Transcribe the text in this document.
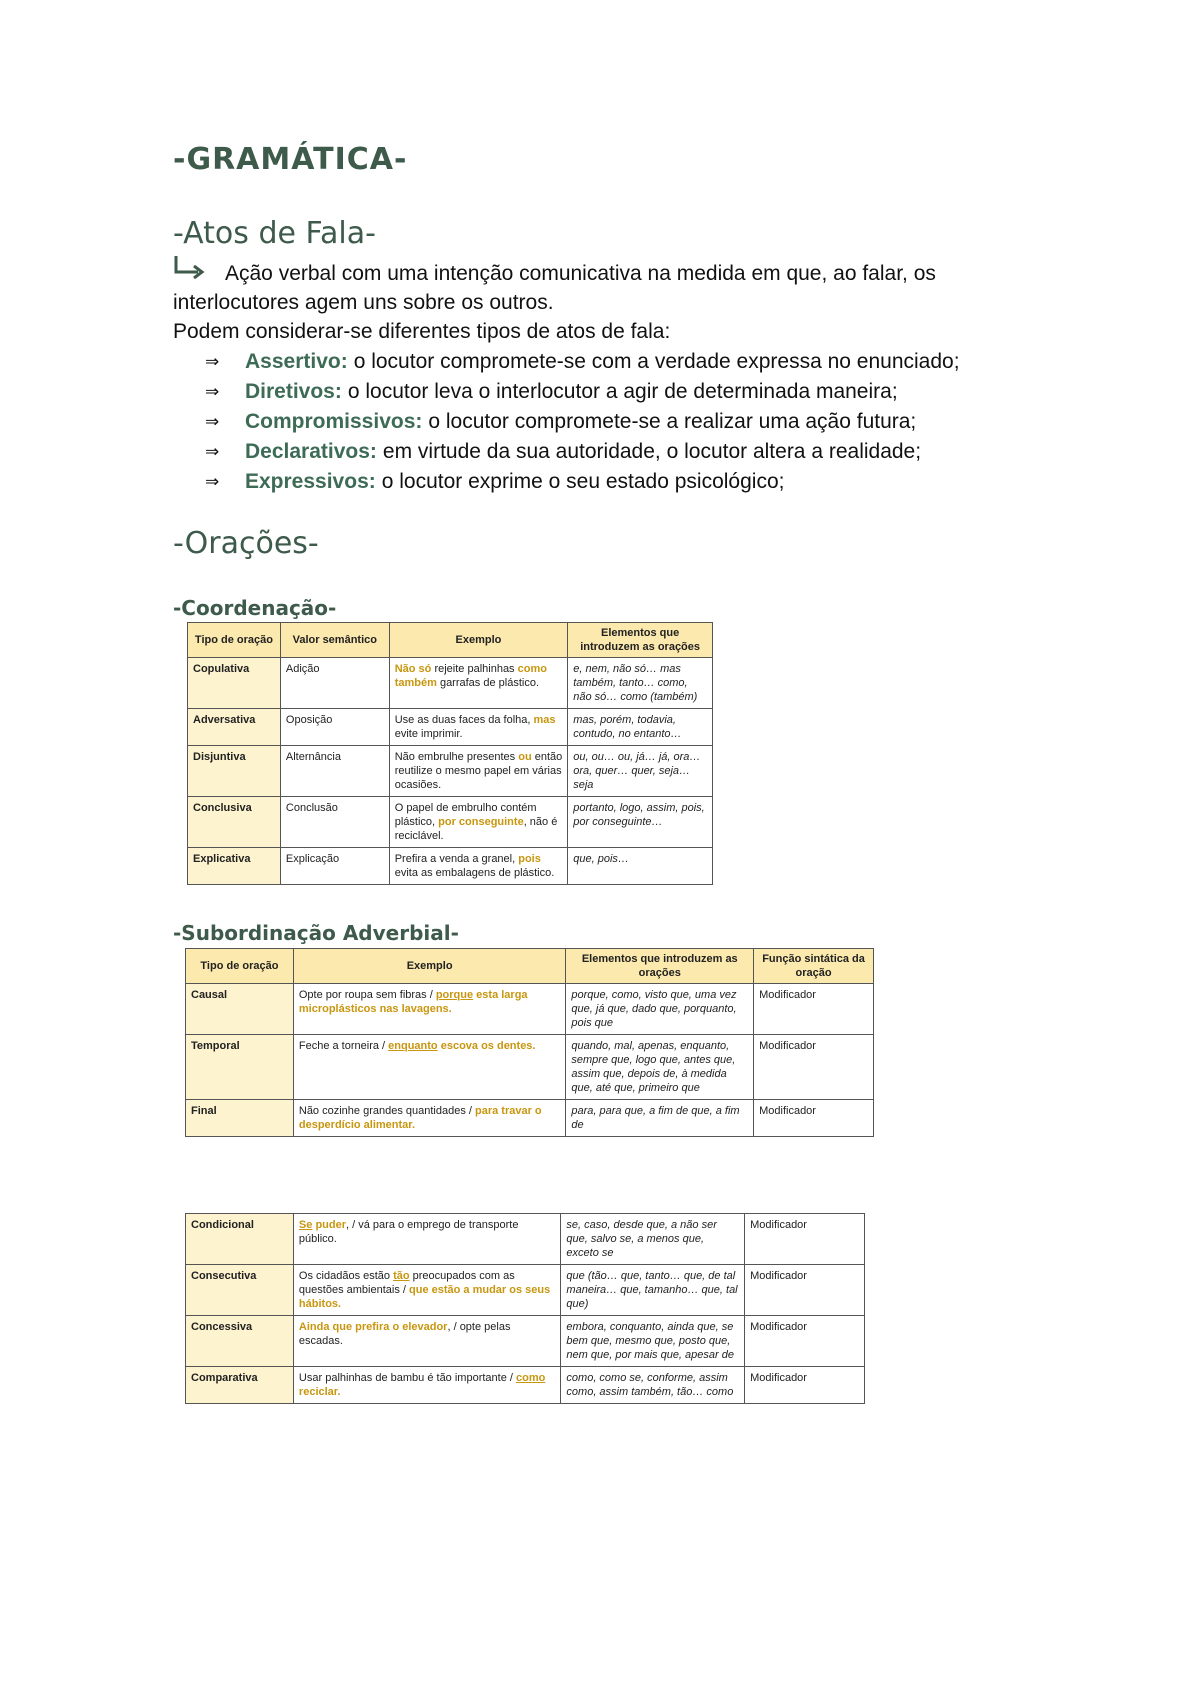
-GRAMÁTICA-
-Atos de Fala-
Ação verbal com uma intenção comunicativa na medida em que, ao falar, os
interlocutores agem uns sobre os outros.
Podem considerar-se diferentes tipos de atos de fala:
⇒	Assertivo: o locutor compromete-se com a verdade expressa no enunciado;
⇒	Diretivos: o locutor leva o interlocutor a agir de determinada maneira;
⇒	Compromissivos: o locutor compromete-se a realizar uma ação futura;
⇒	Declarativos: em virtude da sua autoridade, o locutor altera a realidade;
⇒	Expressivos: o locutor exprime o seu estado psicológico;
-Orações-
-Coordenação-
Tipo de oração	Valor semântico	Exemplo	Elementos que introduzem as orações
Copulativa	Adição	Não só rejeite palhinhas como também garrafas de plástico.	e, nem, não só… mas também, tanto… como, não só… como (também)
Adversativa	Oposição	Use as duas faces da folha, mas evite imprimir.	mas, porém, todavia, contudo, no entanto…
Disjuntiva	Alternância	Não embrulhe presentes ou então reutilize o mesmo papel em várias ocasiões.	ou, ou… ou, já… já, ora… ora, quer… quer, seja… seja
Conclusiva	Conclusão	O papel de embrulho contém plástico, por conseguinte, não é reciclável.	portanto, logo, assim, pois, por conseguinte…
Explicativa	Explicação	Prefira a venda a granel, pois evita as embalagens de plástico.	que, pois…
-Subordinação Adverbial-
Tipo de oração	Exemplo	Elementos que introduzem as orações	Função sintática da oração
Causal	Opte por roupa sem fibras / porque esta larga microplásticos nas lavagens.	porque, como, visto que, uma vez que, já que, dado que, porquanto, pois que	Modificador
Temporal	Feche a torneira / enquanto escova os dentes.	quando, mal, apenas, enquanto, sempre que, logo que, antes que, assim que, depois de, à medida que, até que, primeiro que	Modificador
Final	Não cozinhe grandes quantidades / para travar o desperdício alimentar.	para, para que, a fim de que, a fim de	Modificador
Condicional	Se puder, / vá para o emprego de transporte público.	se, caso, desde que, a não ser que, salvo se, a menos que, exceto se	Modificador
Consecutiva	Os cidadãos estão tão preocupados com as questões ambientais / que estão a mudar os seus hábitos.	que (tão… que, tanto… que, de tal maneira… que, tamanho… que, tal que)	Modificador
Concessiva	Ainda que prefira o elevador, / opte pelas escadas.	embora, conquanto, ainda que, se bem que, mesmo que, posto que, nem que, por mais que, apesar de	Modificador
Comparativa	Usar palhinhas de bambu é tão importante / como reciclar.	como, como se, conforme, assim como, assim também, tão… como	Modificador
